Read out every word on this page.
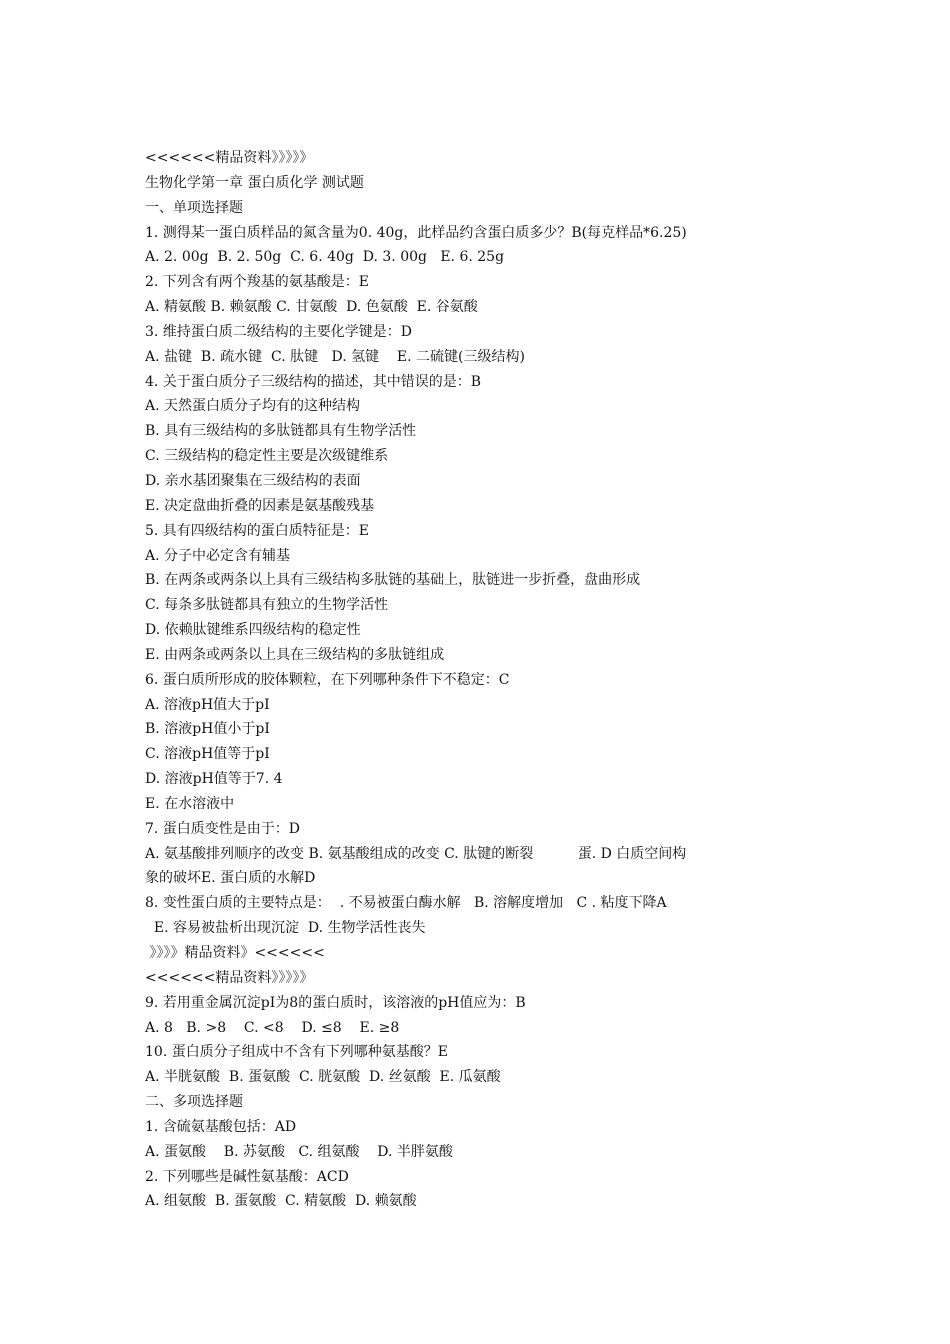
<<<<<<精品资料》》》》》
生物化学第一章 蛋白质化学 测试题
一、单项选择题
1. 测得某一蛋白质样品的氮含量为0. 40g，此样品约含蛋白质多少？B(每克样品*6.25)
A. 2. 00g  B. 2. 50g  C. 6. 40g  D. 3. 00g   E. 6. 25g
2. 下列含有两个羧基的氨基酸是：E
A. 精氨酸 B. 赖氨酸 C. 甘氨酸  D. 色氨酸  E. 谷氨酸
3. 维持蛋白质二级结构的主要化学键是：D
A. 盐键  B. 疏水键  C. 肽键   D. 氢键    E. 二硫键(三级结构)
4. 关于蛋白质分子三级结构的描述，其中错误的是：B
A. 天然蛋白质分子均有的这种结构
B. 具有三级结构的多肽链都具有生物学活性
C. 三级结构的稳定性主要是次级键维系
D. 亲水基团聚集在三级结构的表面
E. 决定盘曲折叠的因素是氨基酸残基
5. 具有四级结构的蛋白质特征是：E
A. 分子中必定含有辅基
B. 在两条或两条以上具有三级结构多肽链的基础上，肽链进一步折叠，盘曲形成
C. 每条多肽链都具有独立的生物学活性
D. 依赖肽键维系四级结构的稳定性
E. 由两条或两条以上具在三级结构的多肽链组成
6. 蛋白质所形成的胶体颗粒，在下列哪种条件下不稳定：C
A. 溶液pH值大于pI
B. 溶液pH值小于pI
C. 溶液pH值等于pI
D. 溶液pH值等于7. 4
E. 在水溶液中
7. 蛋白质变性是由于：D
A. 氨基酸排列顺序的改变 B. 氨基酸组成的改变 C. 肽键的断裂          蛋. D 白质空间构
象的破坏E. 蛋白质的水解D
8. 变性蛋白质的主要特点是：  . 不易被蛋白酶水解   B. 溶解度增加   C . 粘度下降A
E. 容易被盐析出现沉淀  D. 生物学活性丧失
》》》》精品资料》<<<<<<
<<<<<<精品资料》》》》》
9. 若用重金属沉淀pI为8的蛋白质时，该溶液的pH值应为：B
A. 8   B. >8    C. <8    D. ≤8    E. ≥8
10. 蛋白质分子组成中不含有下列哪种氨基酸？E
A. 半胱氨酸  B. 蛋氨酸  C. 胱氨酸  D. 丝氨酸  E. 瓜氨酸
二、多项选择题
1. 含硫氨基酸包括：AD
A. 蛋氨酸    B. 苏氨酸   C. 组氨酸    D. 半胖氨酸
2. 下列哪些是碱性氨基酸：ACD
A. 组氨酸  B. 蛋氨酸  C. 精氨酸  D. 赖氨酸
